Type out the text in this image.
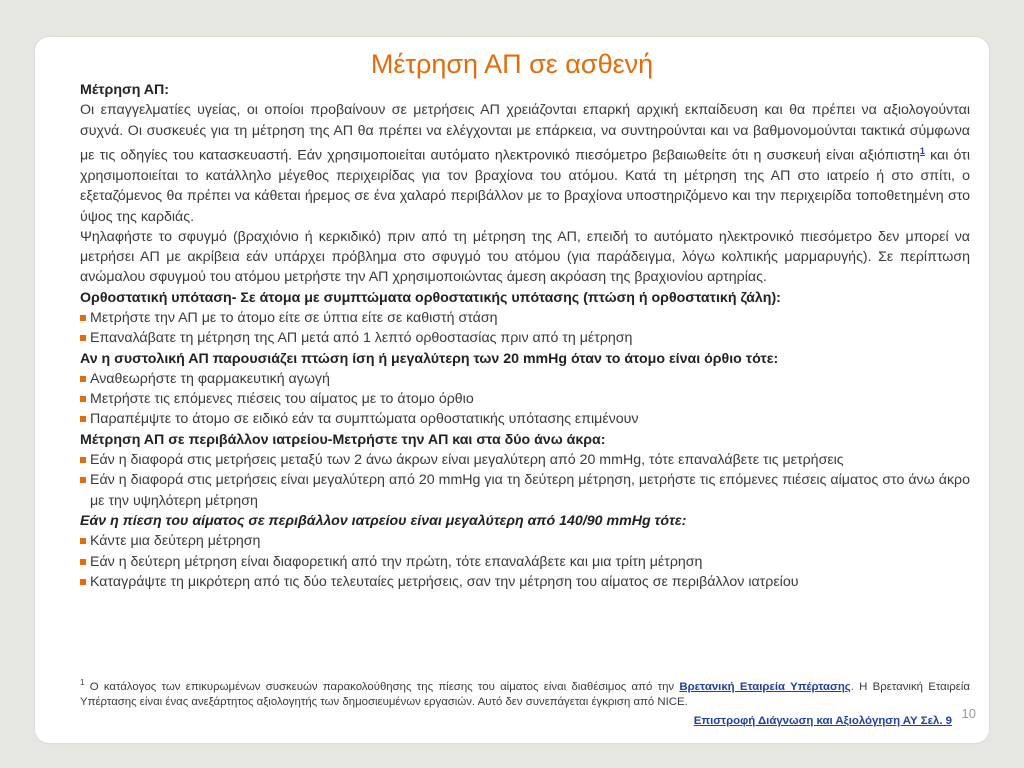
Μέτρηση ΑΠ σε ασθενή

Μέτρηση ΑΠ:

Οι επαγγελματίες υγείας, οι οποίοι προβαίνουν σε μετρήσεις ΑΠ χρειάζονται επαρκή αρχική εκπαίδευση και θα πρέπει να αξιολογούνται συχνά. Οι συσκευές για τη μέτρηση της ΑΠ θα πρέπει να ελέγχονται με επάρκεια, να συντηρούνται και να βαθμονομούνται τακτικά σύμφωνα με τις οδηγίες του κατασκευαστή. Εάν χρησιμοποιείται αυτόματο ηλεκτρονικό πιεσόμετρο βεβαιωθείτε ότι η συσκευή είναι αξιόπιστη$^1$ και ότι χρησιμοποιείται το κατάλληλο μέγεθος περιχειρίδας για τον βραχίονα του ατόμου. Κατά τη μέτρηση της ΑΠ στο ιατρείο ή στο σπίτι, ο εξεταζόμενος θα πρέπει να κάθεται ήρεμος σε ένα χαλαρό περιβάλλον με το βραχίονα υποστηριζόμενο και την περιχειρίδα τοποθετημένη στο ύψος της καρδιάς.

Ψηλαφήστε το σφυγμό (βραχιόνιο ή κερκιδικό) πριν από τη μέτρηση της ΑΠ, επειδή το αυτόματο ηλεκτρονικό πιεσόμετρο δεν μπορεί να μετρήσει ΑΠ με ακρίβεια εάν υπάρχει πρόβλημα στο σφυγμό του ατόμου (για παράδειγμα, λόγω κολπικής μαρμαρυγής). Σε περίπτωση ανώμαλου σφυγμού του ατόμου μετρήστε την ΑΠ χρησιμοποιώντας άμεση ακρόαση της βραχιονίου αρτηρίας.

Ορθοστατική υπόταση- Σε άτομα με συμπτώματα ορθοστατικής υπότασης (πτώση ή ορθοστατική ζάλη):

Μετρήστε την ΑΠ με το άτομο είτε σε ύπτια είτε σε καθιστή στάση

Επαναλάβατε τη μέτρηση της ΑΠ μετά από 1 λεπτό ορθοστασίας πριν από τη μέτρηση

Αν η συστολική ΑΠ παρουσιάζει πτώση ίση ή μεγαλύτερη των 20 mmHg όταν το άτομο είναι όρθιο τότε:

Αναθεωρήστε τη φαρμακευτική αγωγή

Μετρήστε τις επόμενες πιέσεις του αίματος με το άτομο όρθιο

Παραπέμψτε το άτομο σε ειδικό εάν τα συμπτώματα ορθοστατικής υπότασης επιμένουν

Μέτρηση ΑΠ σε περιβάλλον ιατρείου-Μετρήστε την ΑΠ και στα δύο άνω άκρα:

Εάν η διαφορά στις μετρήσεις μεταξύ των 2 άνω άκρων είναι μεγαλύτερη από 20 mmHg, τότε επαναλάβετε τις μετρήσεις

Εάν η διαφορά στις μετρήσεις είναι μεγαλύτερη από 20 mmHg για τη δεύτερη μέτρηση, μετρήστε τις επόμενες πιέσεις αίματος στο άνω άκρο με την υψηλότερη μέτρηση

Εάν η πίεση του αίματος σε περιβάλλον ιατρείου είναι μεγαλύτερη από 140/90 mmHg τότε:

Κάντε μια δεύτερη μέτρηση

Εάν η δεύτερη μέτρηση είναι διαφορετική από την πρώτη, τότε επαναλάβετε και μια τρίτη μέτρηση

Καταγράψτε τη μικρότερη από τις δύο τελευταίες μετρήσεις, σαν την μέτρηση του αίματος σε περιβάλλον ιατρείου

$^1$ Ο κατάλογος των επικυρωμένων συσκευών παρακολούθησης της πίεσης του αίματος είναι διαθέσιμος από την Βρετανική Εταιρεία Υπέρτασης. Η Βρετανική Εταιρεία Υπέρτασης είναι ένας ανεξάρτητος αξιολογητής των δημοσιευμένων εργασιών. Αυτό δεν συνεπάγεται έγκριση από NICE.
Επιστροφή Διάγνωση και Αξιολόγηση ΑΥ Σελ. 9 10
